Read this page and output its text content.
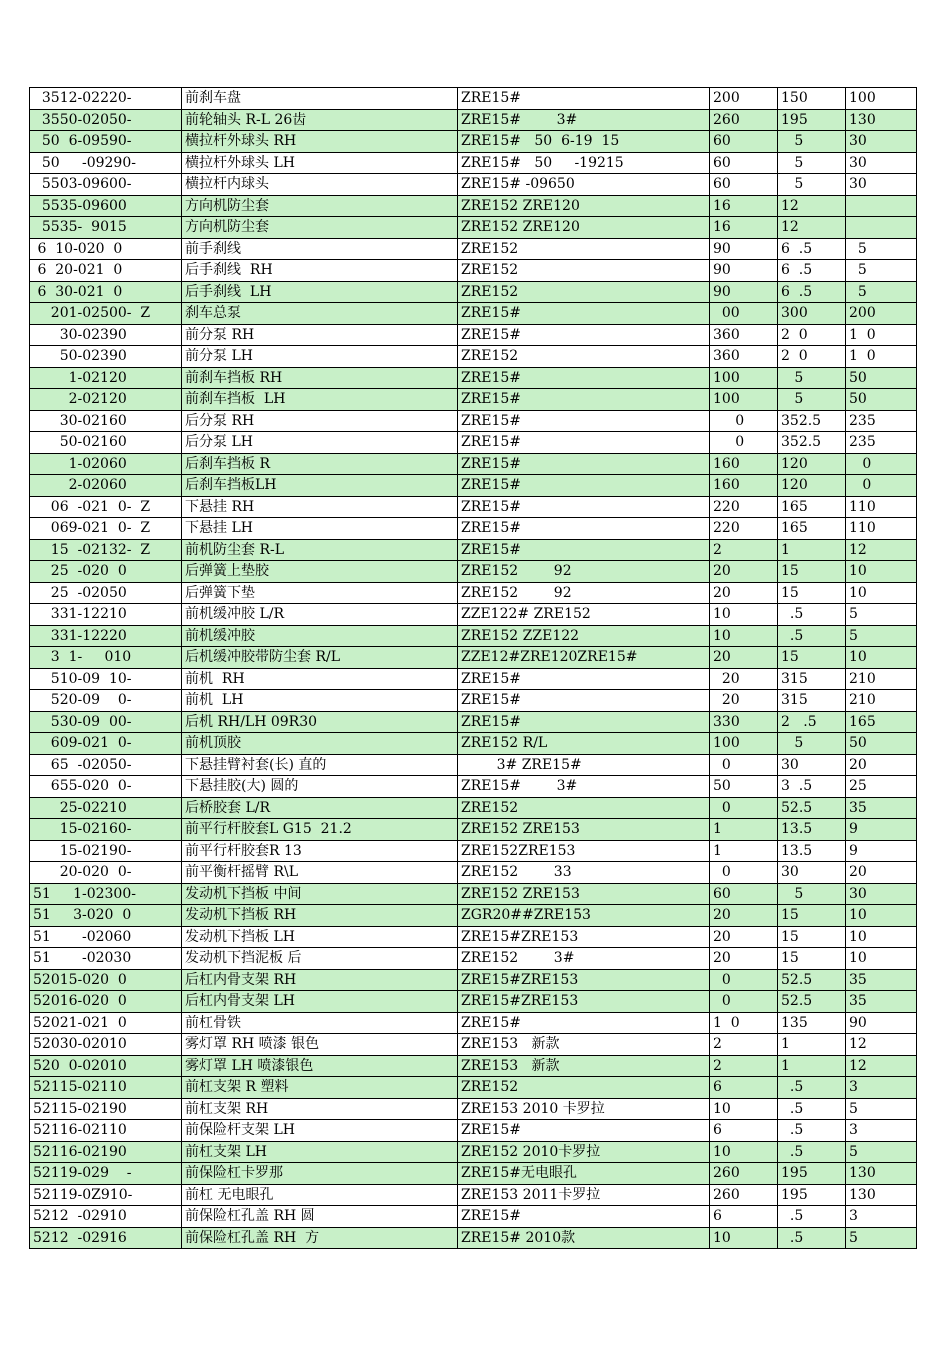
3512-02220-	前刹车盘	ZRE15#	200	150	100
3550-02050-	前轮轴头 R-L 26齿	ZRE15#        3#	260	195	130
50  6-09590-	横拉杆外球头 RH	ZRE15#   50  6-19  15	60	5	30
50     -09290-	横拉杆外球头 LH	ZRE15#   50     -19215	60	5	30
5503-09600-	横拉杆内球头	ZRE15# -09650	60	5	30
5535-09600	方向机防尘套	ZRE152 ZRE120	16	12	
5535-  9015	方向机防尘套	ZRE152 ZRE120	16	12	
6  10-020  0	前手刹线	ZRE152	90	6  .5	5
6  20-021  0	后手刹线  RH	ZRE152	90	6  .5	5
6  30-021  0	后手刹线  LH	ZRE152	90	6  .5	5
201-02500-  Z	刹车总泵	ZRE15#	00	300	200
30-02390	前分泵 RH	ZRE15#	360	2  0	1  0
50-02390	前分泵 LH	ZRE152	360	2  0	1  0
1-02120	前刹车挡板 RH	ZRE15#	100	5	50
2-02120	前刹车挡板  LH	ZRE15#	100	5	50
30-02160	后分泵 RH	ZRE15#	0	352.5	235
50-02160	后分泵 LH	ZRE15#	0	352.5	235
1-02060	后刹车挡板 R	ZRE15#	160	120	0
2-02060	后刹车挡板LH	ZRE15#	160	120	0
06  -021  0-  Z	下悬挂 RH	ZRE15#	220	165	110
069-021  0-  Z	下悬挂 LH	ZRE15#	220	165	110
15  -02132-  Z	前机防尘套 R-L	ZRE15#	2	1	12
25  -020  0	后弹簧上垫胶	ZRE152        92	20	15	10
25  -02050	后弹簧下垫	ZRE152        92	20	15	10
331-12210	前机缓冲胶 L/R	ZZE122# ZRE152	10	.5	5
331-12220	前机缓冲胶	ZRE152 ZZE122	10	.5	5
3  1-     010	后机缓冲胶带防尘套 R/L	ZZE12#ZRE120ZRE15#	20	15	10
510-09  10-	前机  RH	ZRE15#	20	315	210
520-09    0-	前机  LH	ZRE15#	20	315	210
530-09  00-	后机 RH/LH 09R30	ZRE15#	330	2   .5	165
609-021  0-	前机顶胶	ZRE152 R/L	100	5	50
65  -02050-	下悬挂臂衬套(长) 直的	3# ZRE15#	0	30	20
655-020  0-	下悬挂胶(大) 圆的	ZRE15#        3#	50	3  .5	25
25-02210	后桥胶套 L/R	ZRE152	0	52.5	35
15-02160-	前平行杆胶套L G15  21.2	ZRE152 ZRE153	1	13.5	9
15-02190-	前平行杆胶套R 13	ZRE152ZRE153	1	13.5	9
20-020  0-	前平衡杆摇臂 R\L	ZRE152        33	0	30	20
51     1-02300-	发动机下挡板 中间	ZRE152 ZRE153	60	5	30
51     3-020  0	发动机下挡板 RH	ZGR20##ZRE153	20	15	10
51       -02060	发动机下挡板 LH	ZRE15#ZRE153	20	15	10
51       -02030	发动机下挡泥板 后	ZRE152        3#	20	15	10
52015-020  0	后杠内骨支架 RH	ZRE15#ZRE153	0	52.5	35
52016-020  0	后杠内骨支架 LH	ZRE15#ZRE153	0	52.5	35
52021-021  0	前杠骨铁	ZRE15#	1  0	135	90
52030-02010	雾灯罩 RH 喷漆 银色	ZRE153   新款	2	1	12
520  0-02010	雾灯罩 LH 喷漆银色	ZRE153   新款	2	1	12
52115-02110	前杠支架 R 塑料	ZRE152	6	.5	3
52115-02190	前杠支架 RH	ZRE153 2010 卡罗拉	10	.5	5
52116-02110	前保险杆支架 LH	ZRE15#	6	.5	3
52116-02190	前杠支架 LH	ZRE152 2010卡罗拉	10	.5	5
52119-029    -	前保险杠卡罗那	ZRE15#无电眼孔	260	195	130
52119-0Z910-	前杠 无电眼孔	ZRE153 2011卡罗拉	260	195	130
5212  -02910	前保险杠孔盖 RH 圆	ZRE15#	6	.5	3
5212  -02916	前保险杠孔盖 RH  方	ZRE15# 2010款	10	.5	5
